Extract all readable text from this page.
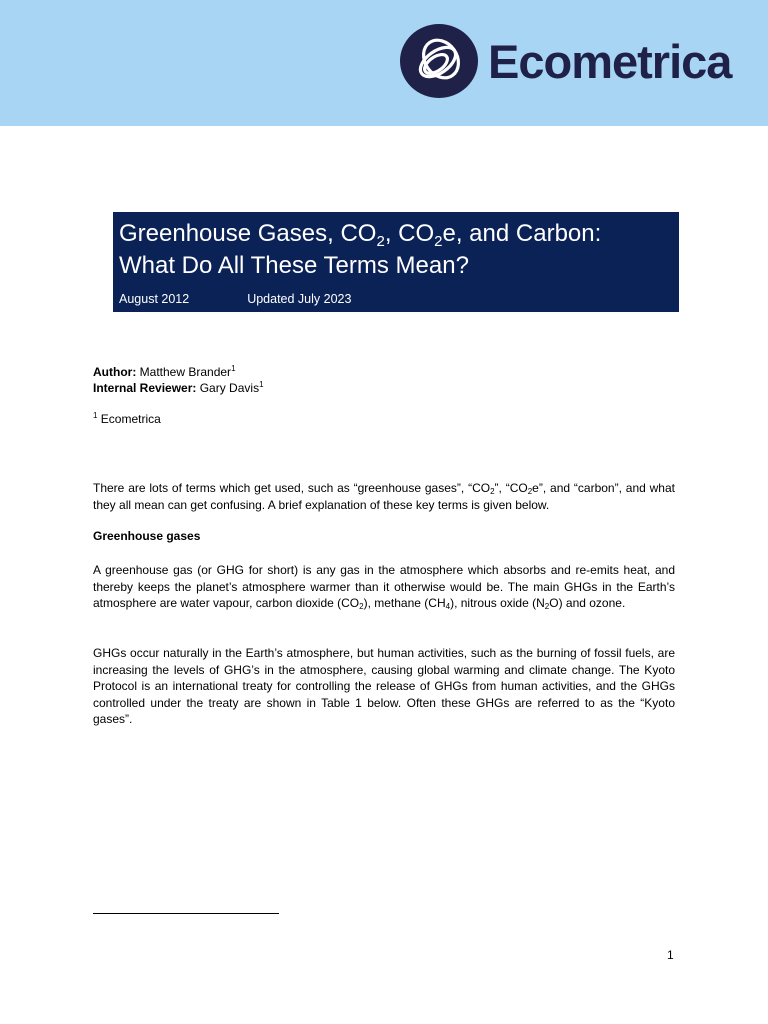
Ecometrica
Greenhouse Gases, $CO_2$, $CO_2e$, and Carbon:
What Do All These Terms Mean?
August 2012	Updated July 2023
Author: Matthew Brander$^1$
Internal Reviewer: Gary Davis$^1$
$^1$ Ecometrica
There are lots of terms which get used, such as “greenhouse gases”, “$CO_2$”, “$CO_2e$”, and “carbon”, and what they all mean can get confusing. A brief explanation of these key terms is given below.
Greenhouse gases
A greenhouse gas (or GHG for short) is any gas in the atmosphere which absorbs and re-emits heat, and thereby keeps the planet’s atmosphere warmer than it otherwise would be. The main GHGs in the Earth’s atmosphere are water vapour, carbon dioxide $(CO_2)$, methane $(CH_4)$, nitrous oxide $(N_2O)$ and ozone.
GHGs occur naturally in the Earth’s atmosphere, but human activities, such as the burning of fossil fuels, are increasing the levels of GHG’s in the atmosphere, causing global warming and climate change. The Kyoto Protocol is an international treaty for controlling the release of GHGs from human activities, and the GHGs controlled under the treaty are shown in Table 1 below. Often these GHGs are referred to as the “Kyoto gases”.
1
